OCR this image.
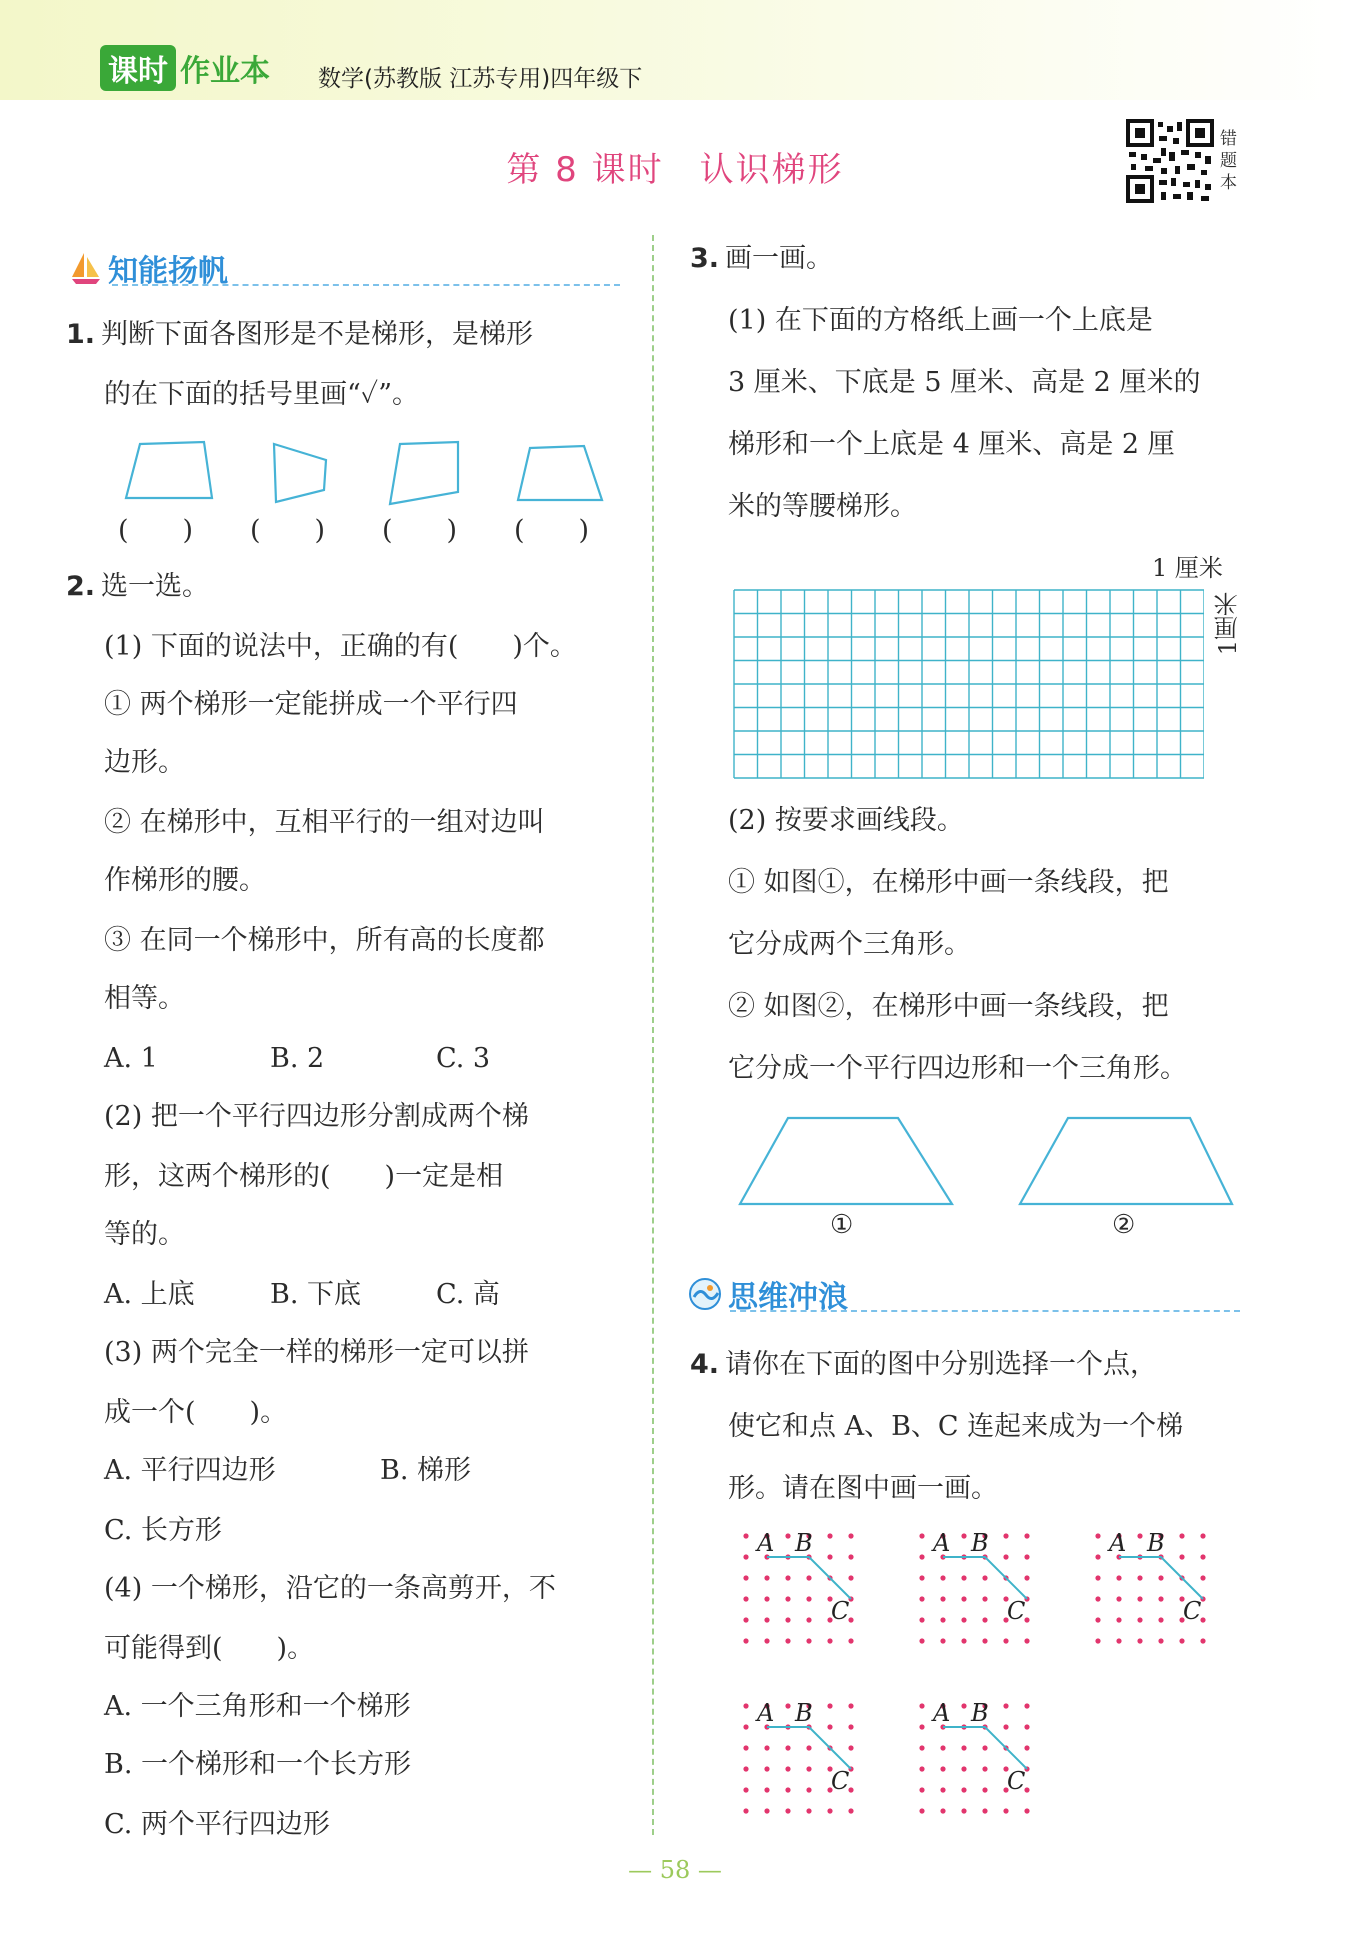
课时 作业本 数学(苏教版 江苏专用)四年级下
第 8 课时　认识梯形
错题本
知能扬帆
1. 判断下面各图形是不是梯形，是梯形
的在下面的括号里画“✓”。
(　　) (　　) (　　) (　　)
2. 选一选。
(1) 下面的说法中，正确的有(　　)个。
① 两个梯形一定能拼成一个平行四
边形。
② 在梯形中，互相平行的一组对边叫
作梯形的腰。
③ 在同一个梯形中，所有高的长度都
相等。
A. 1	B. 2	C. 3
(2) 把一个平行四边形分割成两个梯
形，这两个梯形的(　　)一定是相
等的。
A. 上底	B. 下底	C. 高
(3) 两个完全一样的梯形一定可以拼
成一个(　　)。
A. 平行四边形	B. 梯形
C. 长方形
(4) 一个梯形，沿它的一条高剪开，不
可能得到(　　)。
A. 一个三角形和一个梯形
B. 一个梯形和一个长方形
C. 两个平行四边形
3. 画一画。
(1) 在下面的方格纸上画一个上底是
3 厘米、下底是 5 厘米、高是 2 厘米的
梯形和一个上底是 4 厘米、高是 2 厘
米的等腰梯形。
1 厘米
1厘米
(2) 按要求画线段。
① 如图①，在梯形中画一条线段，把
它分成两个三角形。
② 如图②，在梯形中画一条线段，把
它分成一个平行四边形和一个三角形。
①	②
思维冲浪
4. 请你在下面的图中分别选择一个点，
使它和点 A、B、C 连起来成为一个梯
形。请在图中画一画。
A B
C
A B
C
A B
C
A B
C
A B
C
— 58 —
